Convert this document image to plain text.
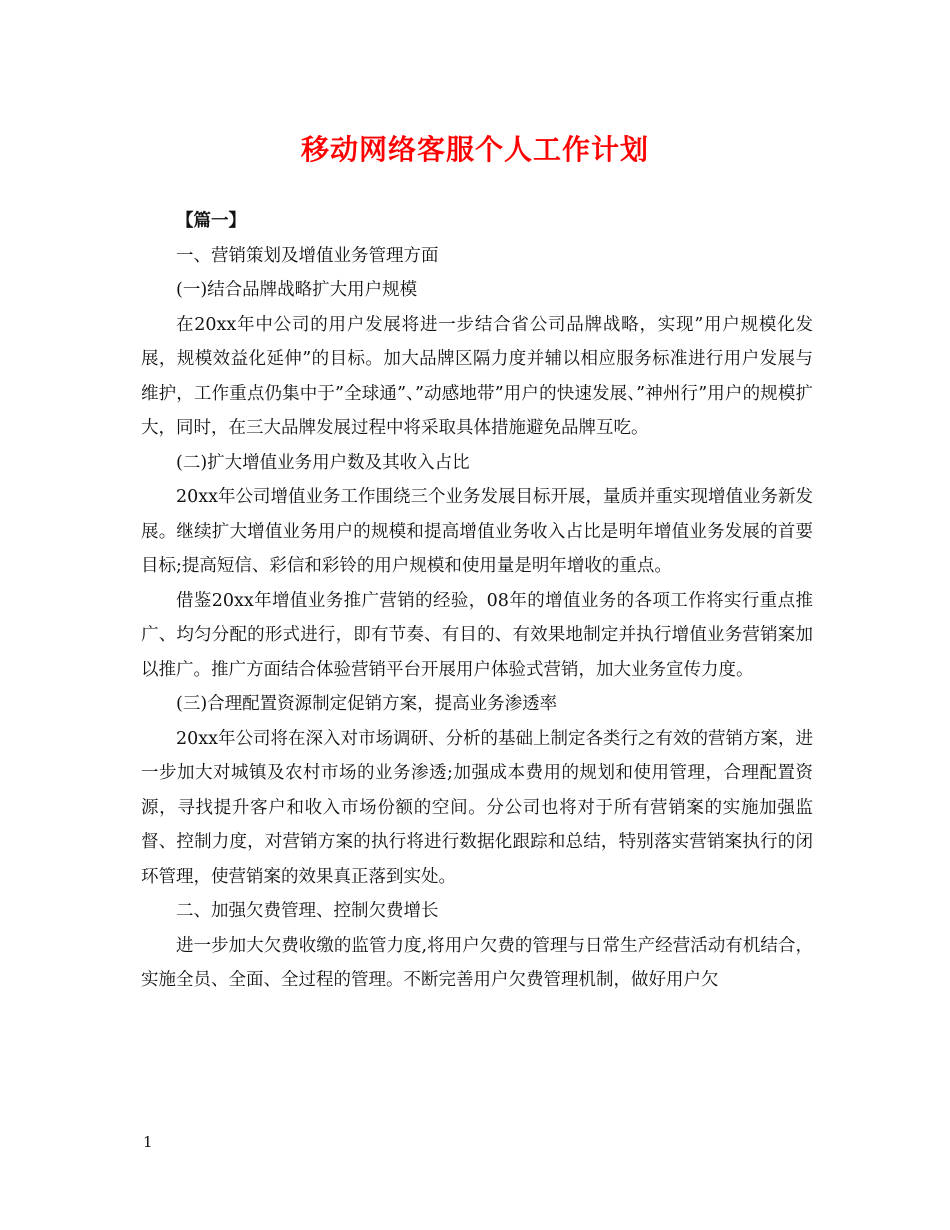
移动网络客服个人工作计划

【篇一】

一、营销策划及增值业务管理方面

(一)结合品牌战略扩大用户规模

在20xx年中公司的用户发展将进一步结合省公司品牌战略，实现”用户规模化发展，规模效益化延伸”的目标。加大品牌区隔力度并辅以相应服务标准进行用户发展与维护，工作重点仍集中于”全球通”、”动感地带”用户的快速发展、”神州行”用户的规模扩大，同时，在三大品牌发展过程中将采取具体措施避免品牌互吃。

(二)扩大增值业务用户数及其收入占比

20xx年公司增值业务工作围绕三个业务发展目标开展，量质并重实现增值业务新发展。继续扩大增值业务用户的规模和提高增值业务收入占比是明年增值业务发展的首要目标;提高短信、彩信和彩铃的用户规模和使用量是明年增收的重点。

借鉴20xx年增值业务推广营销的经验，08年的增值业务的各项工作将实行重点推广、均匀分配的形式进行，即有节奏、有目的、有效果地制定并执行增值业务营销案加以推广。推广方面结合体验营销平台开展用户体验式营销，加大业务宣传力度。

(三)合理配置资源制定促销方案，提高业务渗透率

20xx年公司将在深入对市场调研、分析的基础上制定各类行之有效的营销方案，进一步加大对城镇及农村市场的业务渗透;加强成本费用的规划和使用管理，合理配置资源，寻找提升客户和收入市场份额的空间。分公司也将对于所有营销案的实施加强监督、控制力度，对营销方案的执行将进行数据化跟踪和总结，特别落实营销案执行的闭环管理，使营销案的效果真正落到实处。

二、加强欠费管理、控制欠费增长

进一步加大欠费收缴的监管力度,将用户欠费的管理与日常生产经营活动有机结合，实施全员、全面、全过程的管理。不断完善用户欠费管理机制，做好用户欠

1
